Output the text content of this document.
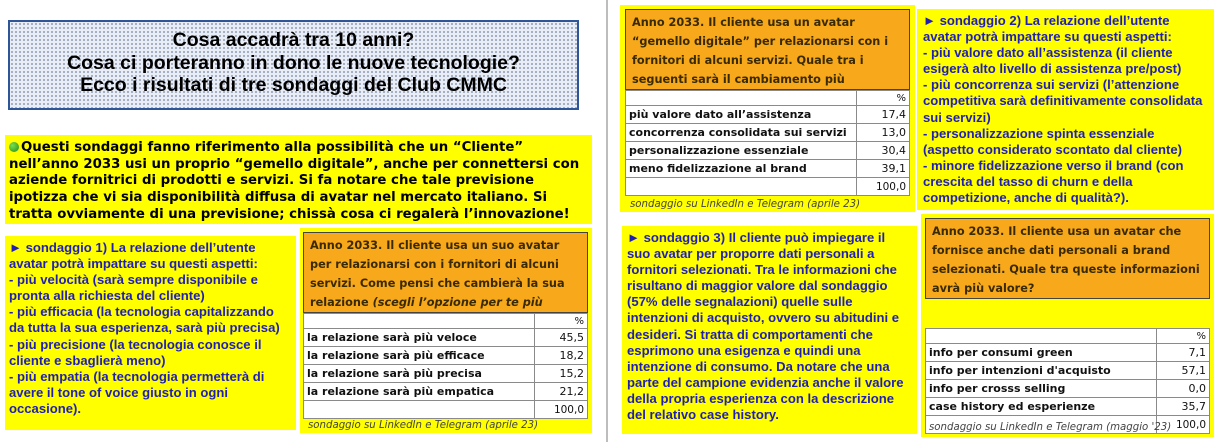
Cosa accadrà tra 10 anni?
Cosa ci porteranno in dono le nuove tecnologie?
Ecco i risultati di tre sondaggi del Club CMMC
Questi sondaggi fanno riferimento alla possibilità che un “Cliente” nell’anno 2033 usi un proprio “gemello digitale”, anche per connettersi con aziende fornitrici di prodotti e servizi. Si fa notare che tale previsione ipotizza che vi sia disponibilità diffusa di avatar nel mercato italiano. Si tratta ovviamente di una previsione; chissà cosa ci regalerà l’innovazione!
► sondaggio 1) La relazione dell’utente avatar potrà impattare su questi aspetti:
- più velocità (sarà sempre disponibile e pronta alla richiesta del cliente)
- più efficacia (la tecnologia capitalizzando da tutta la sua esperienza, sarà più precisa)
- più precisione (la tecnologia conosce il cliente e sbaglierà meno)
- più empatia (la tecnologia permetterà di avere il tone of voice giusto in ogni occasione).
Anno 2033. Il cliente usa un suo avatar per relazionarsi con i fornitori di alcuni servizi. Come pensi che cambierà la sua relazione (scegli l’opzione per te più
	%
la relazione sarà più veloce	45,5
la relazione sarà più efficace	18,2
la relazione sarà più precisa	15,2
la relazione sarà più empatica	21,2
	100,0
sondaggio su LinkedIn e Telegram (aprile 23)
Anno 2033. Il cliente usa un avatar “gemello digitale” per relazionarsi con i fornitori di alcuni servizi. Quale tra i seguenti sarà il cambiamento più
	%
più valore dato all’assistenza	17,4
concorrenza consolidata sui servizi	13,0
personalizzazione essenziale	30,4
meno fidelizzazione al brand	39,1
	100,0
sondaggio su LinkedIn e Telegram (aprile 23)
► sondaggio 2) La relazione dell’utente avatar potrà impattare su questi aspetti:
- più valore dato all’assistenza (il cliente esigerà alto livello di assistenza pre/post)
- più concorrenza sui servizi (l’attenzione competitiva sarà definitivamente consolidata sui servizi)
- personalizzazione spinta essenziale (aspetto considerato scontato dal cliente)
- minore fidelizzazione verso il brand (con crescita del tasso di churn e della competizione, anche di qualità?).
► sondaggio 3) Il cliente può impiegare il suo avatar per proporre dati personali a fornitori selezionati. Tra le informazioni che risultano di maggior valore dal sondaggio (57% delle segnalazioni) quelle sulle intenzioni di acquisto, ovvero su abitudini e desideri. Si tratta di comportamenti che esprimono una esigenza e quindi una intenzione di consumo. Da notare che una parte del campione evidenzia anche il valore della propria esperienza con la descrizione del relativo case history.
Anno 2033. Il cliente usa un avatar che fornisce anche dati personali a brand selezionati. Quale tra queste informazioni avrà più valore?
	%
info per consumi green	7,1
info per intenzioni d'acquisto	57,1
info per crosss selling	0,0
case history ed esperienze	35,7
	100,0
sondaggio su LinkedIn e Telegram (maggio '23)
